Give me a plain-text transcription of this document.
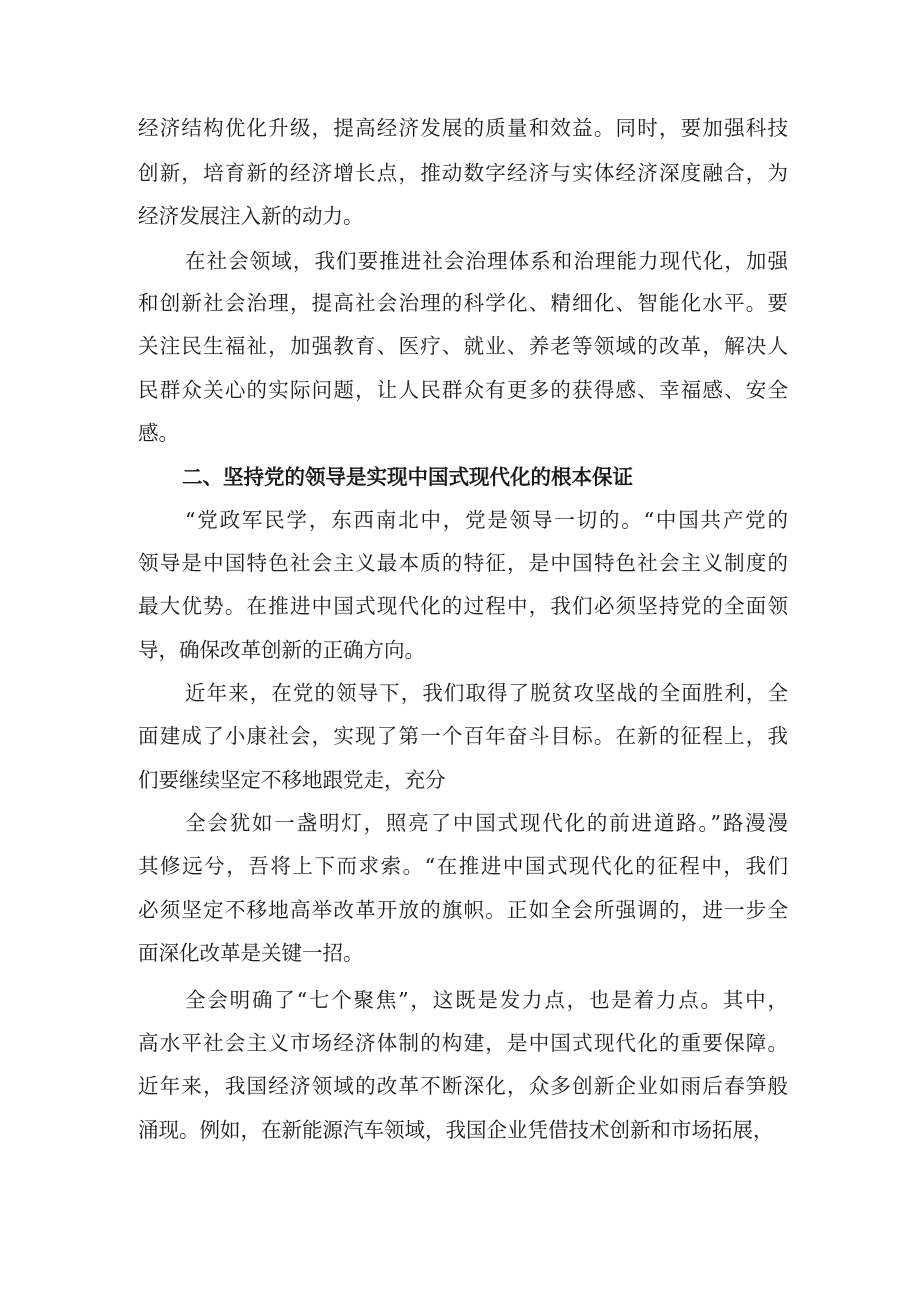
经济结构优化升级，提高经济发展的质量和效益。同时，要加强科技
创新，培育新的经济增长点，推动数字经济与实体经济深度融合，为
经济发展注入新的动力。
在社会领域，我们要推进社会治理体系和治理能力现代化，加强
和创新社会治理，提高社会治理的科学化、精细化、智能化水平。要
关注民生福祉，加强教育、医疗、就业、养老等领域的改革，解决人
民群众关心的实际问题，让人民群众有更多的获得感、幸福感、安全
感。
二、坚持党的领导是实现中国式现代化的根本保证
“党政军民学，东西南北中，党是领导一切的。“中国共产党的
领导是中国特色社会主义最本质的特征，是中国特色社会主义制度的
最大优势。在推进中国式现代化的过程中，我们必须坚持党的全面领
导，确保改革创新的正确方向。
近年来，在党的领导下，我们取得了脱贫攻坚战的全面胜利，全
面建成了小康社会，实现了第一个百年奋斗目标。在新的征程上，我
们要继续坚定不移地跟党走，充分
全会犹如一盏明灯，照亮了中国式现代化的前进道路。”路漫漫
其修远兮，吾将上下而求索。“在推进中国式现代化的征程中，我们
必须坚定不移地高举改革开放的旗帜。正如全会所强调的，进一步全
面深化改革是关键一招。
全会明确了“七个聚焦”，这既是发力点，也是着力点。其中，
高水平社会主义市场经济体制的构建，是中国式现代化的重要保障。
近年来，我国经济领域的改革不断深化，众多创新企业如雨后春笋般
涌现。例如，在新能源汽车领域，我国企业凭借技术创新和市场拓展，
